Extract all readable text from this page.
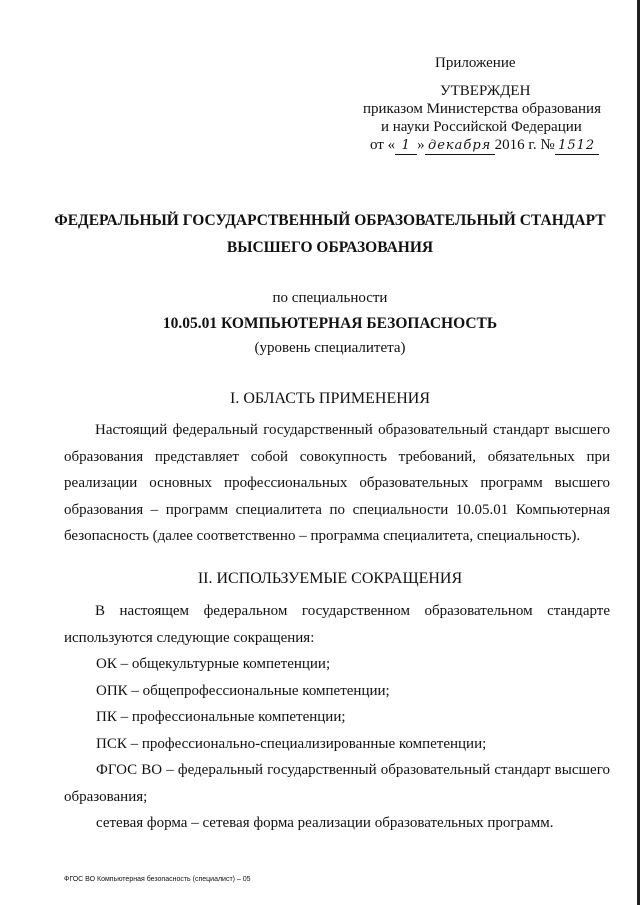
Приложение
УТВЕРЖДЕН
приказом Министерства образования
и науки Российской Федерации
от « 1 » декабря 2016 г. № 1512
ФЕДЕРАЛЬНЫЙ ГОСУДАРСТВЕННЫЙ ОБРАЗОВАТЕЛЬНЫЙ СТАНДАРТ
ВЫСШЕГО ОБРАЗОВАНИЯ
по специальности
10.05.01 КОМПЬЮТЕРНАЯ БЕЗОПАСНОСТЬ
(уровень специалитета)
I. ОБЛАСТЬ ПРИМЕНЕНИЯ
Настоящий федеральный государственный образовательный стандарт высшего образования представляет собой совокупность требований, обязательных при реализации основных профессиональных образовательных программ высшего образования – программ специалитета по специальности 10.05.01 Компьютерная безопасность (далее соответственно – программа специалитета, специальность).
II. ИСПОЛЬЗУЕМЫЕ СОКРАЩЕНИЯ
В настоящем федеральном государственном образовательном стандарте используются следующие сокращения:
ОК – общекультурные компетенции;
ОПК – общепрофессиональные компетенции;
ПК – профессиональные компетенции;
ПСК – профессионально-специализированные компетенции;
ФГОС ВО – федеральный государственный образовательный стандарт высшего образования;
сетевая форма – сетевая форма реализации образовательных программ.
ФГОС ВО Компьютерная безопасность (специалист) – 05
